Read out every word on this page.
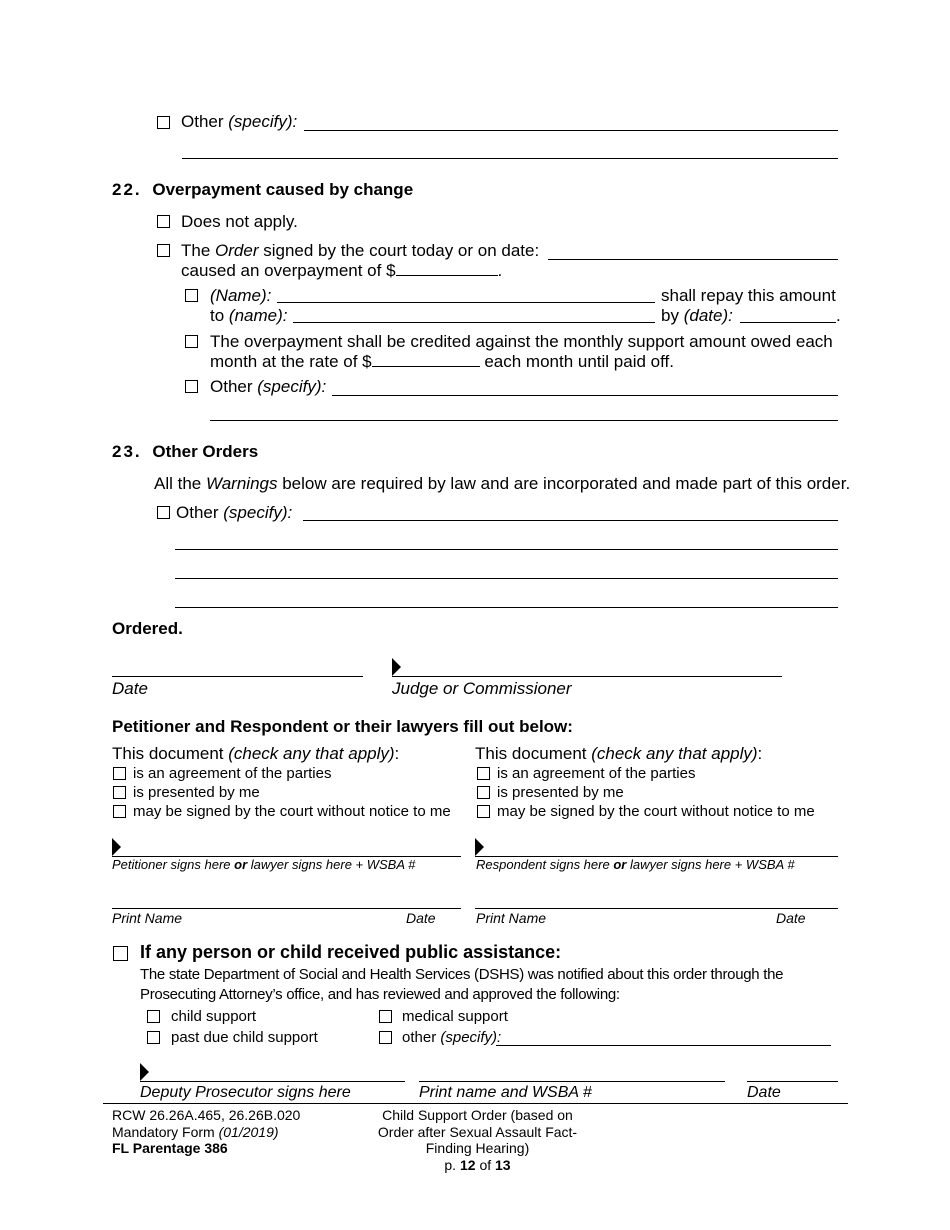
Other (specify):
22. Overpayment caused by change
Does not apply.
The Order signed by the court today or on date:
caused an overpayment of $	.
(Name):	shall repay this amount
to (name):	by (date):	.
The overpayment shall be credited against the monthly support amount owed each
month at the rate of $	each month until paid off.
Other (specify):
23. Other Orders
All the Warnings below are required by law and are incorporated and made part of this order.
Other (specify):
Ordered.
Date	Judge or Commissioner
Petitioner and Respondent or their lawyers fill out below:
This document (check any that apply):
is an agreement of the parties
is presented by me
may be signed by the court without notice to me
Petitioner signs here or lawyer signs here + WSBA #
Print Name	Date
This document (check any that apply):
is an agreement of the parties
is presented by me
may be signed by the court without notice to me
Respondent signs here or lawyer signs here + WSBA #
Print Name	Date
If any person or child received public assistance:
The state Department of Social and Health Services (DSHS) was notified about this order through the
Prosecuting Attorney’s office, and has reviewed and approved the following:
child support
past due child support
medical support
other (specify):
Deputy Prosecutor signs here	Print name and WSBA #	Date
RCW 26.26A.465, 26.26B.020
Mandatory Form (01/2019)
FL Parentage 386
Child Support Order (based on
Order after Sexual Assault Fact-
Finding Hearing)
p. 12 of 13
